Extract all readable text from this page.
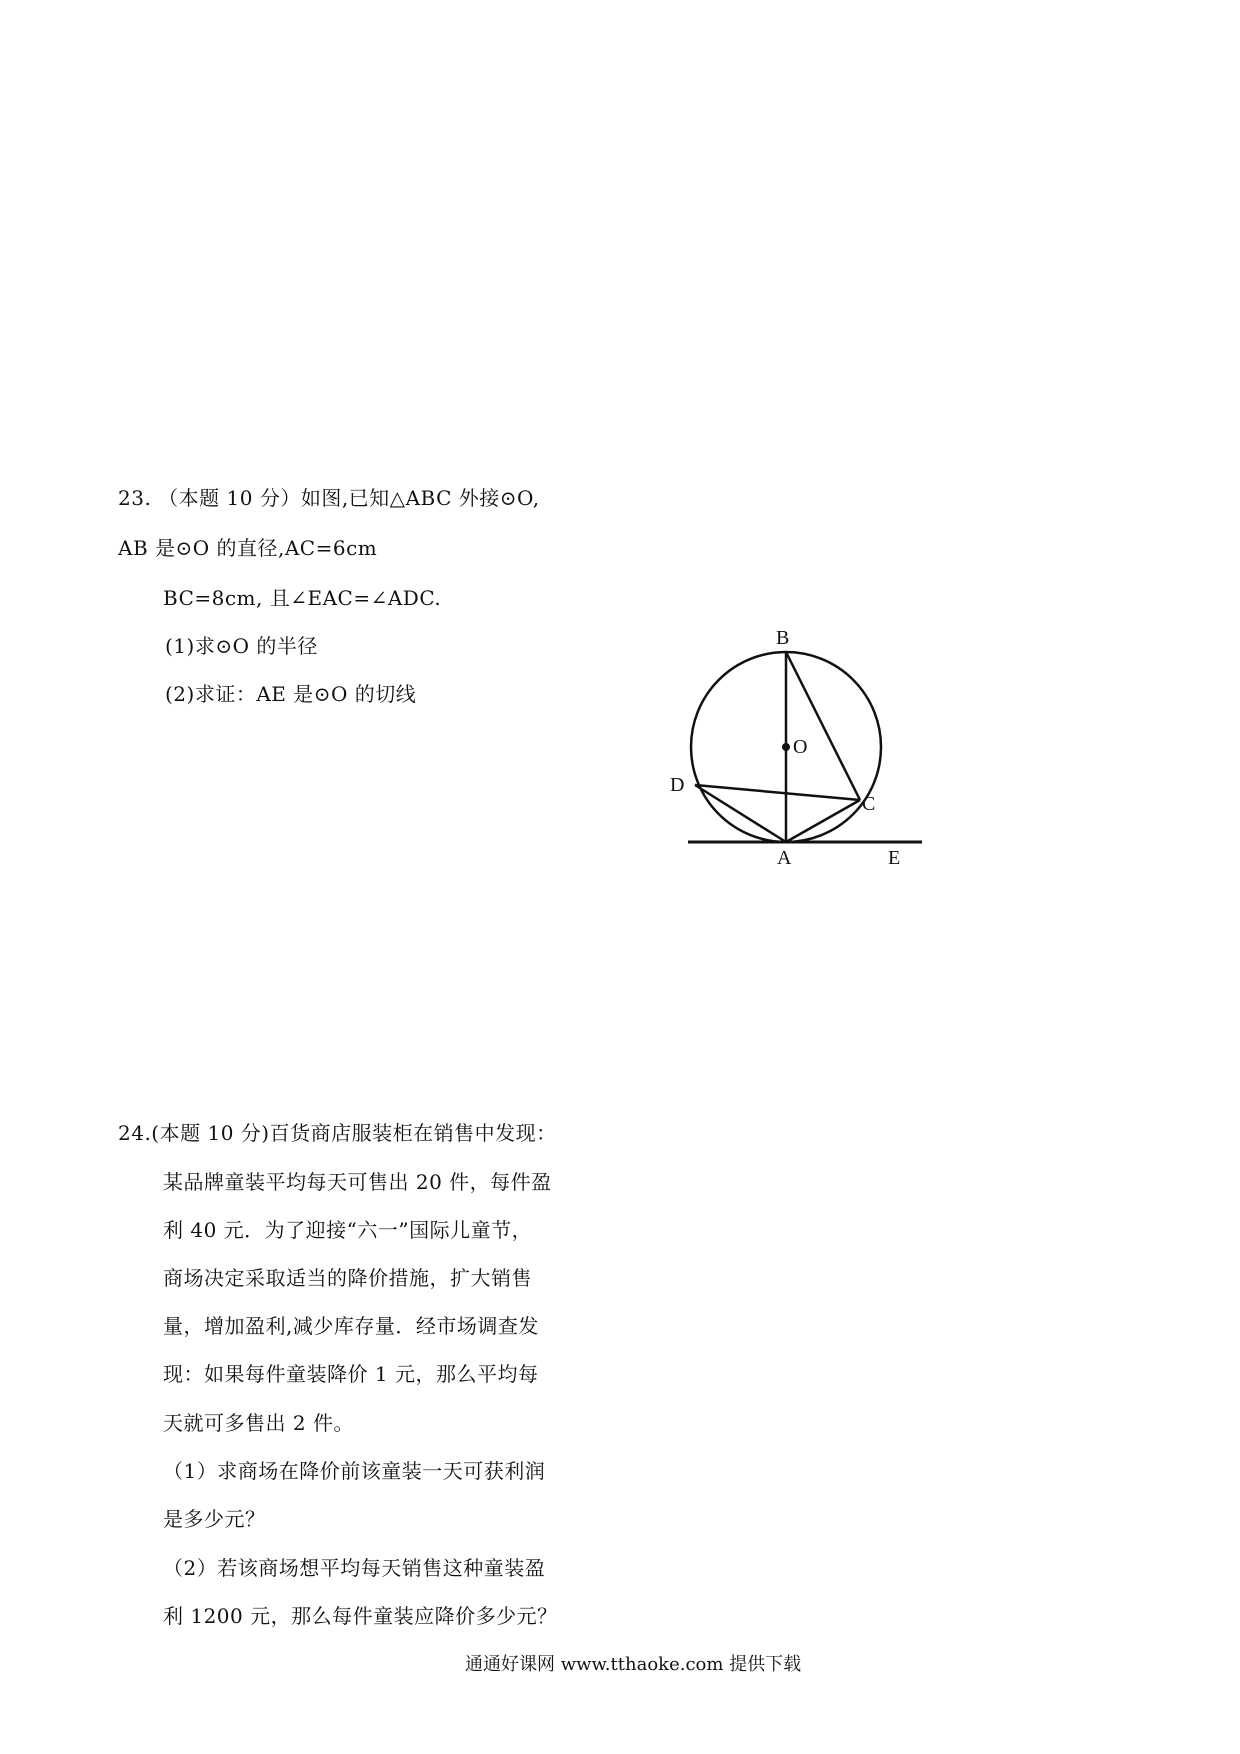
23. （本题 10 分）如图,已知△ABC 外接⊙O,
AB 是⊙O 的直径,AC=6cm
BC=8cm, 且∠EAC=∠ADC.
(1)求⊙O 的半径
(2)求证：AE 是⊙O 的切线
B
O
D
C
A	E
24.(本题 10 分)百货商店服装柜在销售中发现：
某品牌童装平均每天可售出 20 件，每件盈
利 40 元．为了迎接“六一”国际儿童节，
商场决定采取适当的降价措施，扩大销售
量，增加盈利,减少库存量．经市场调查发
现：如果每件童装降价 1 元，那么平均每
天就可多售出 2 件。
（1）求商场在降价前该童装一天可获利润
是多少元？
（2）若该商场想平均每天销售这种童装盈
利 1200 元，那么每件童装应降价多少元？
通通好课网 www.tthaoke.com 提供下载
